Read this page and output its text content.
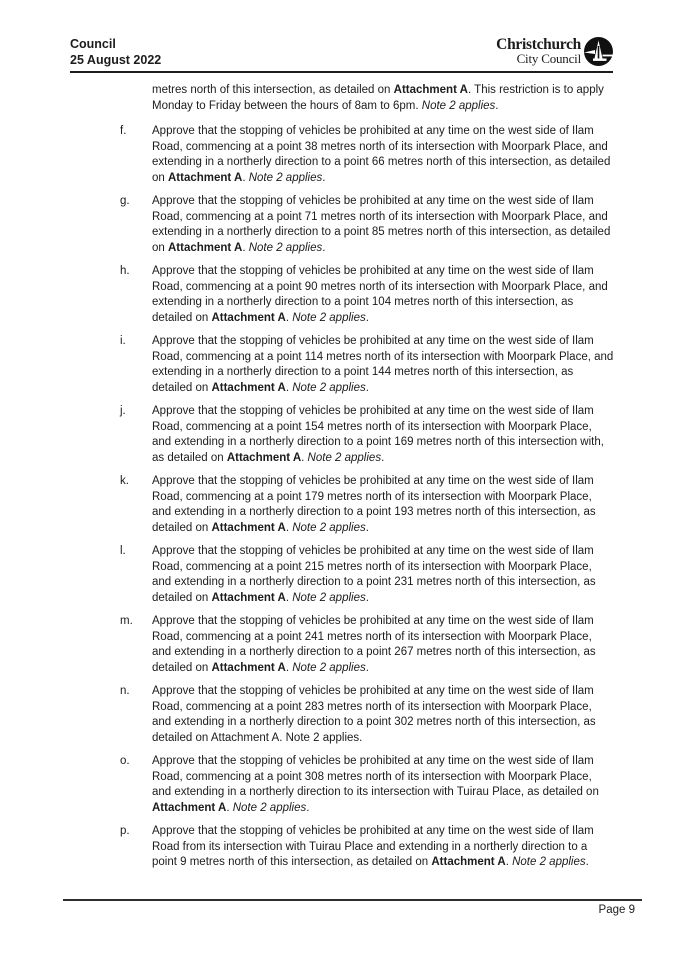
Council
25 August 2022
Christchurch
City Council

metres north of this intersection, as detailed on Attachment A. This restriction is to apply Monday to Friday between the hours of 8am to 6pm. Note 2 applies.

f.	Approve that the stopping of vehicles be prohibited at any time on the west side of Ilam Road, commencing at a point 38 metres north of its intersection with Moorpark Place, and extending in a northerly direction to a point 66 metres north of this intersection, as detailed on Attachment A. Note 2 applies.
g.	Approve that the stopping of vehicles be prohibited at any time on the west side of Ilam Road, commencing at a point 71 metres north of its intersection with Moorpark Place, and extending in a northerly direction to a point 85 metres north of this intersection, as detailed on Attachment A. Note 2 applies.
h.	Approve that the stopping of vehicles be prohibited at any time on the west side of Ilam Road, commencing at a point 90 metres north of its intersection with Moorpark Place, and extending in a northerly direction to a point 104 metres north of this intersection, as detailed on Attachment A. Note 2 applies.
i.	Approve that the stopping of vehicles be prohibited at any time on the west side of Ilam Road, commencing at a point 114 metres north of its intersection with Moorpark Place, and extending in a northerly direction to a point 144 metres north of this intersection, as detailed on Attachment A. Note 2 applies.
j.	Approve that the stopping of vehicles be prohibited at any time on the west side of Ilam Road, commencing at a point 154 metres north of its intersection with Moorpark Place, and extending in a northerly direction to a point 169 metres north of this intersection with, as detailed on Attachment A. Note 2 applies.
k.	Approve that the stopping of vehicles be prohibited at any time on the west side of Ilam Road, commencing at a point 179 metres north of its intersection with Moorpark Place, and extending in a northerly direction to a point 193 metres north of this intersection, as detailed on Attachment A. Note 2 applies.
l.	Approve that the stopping of vehicles be prohibited at any time on the west side of Ilam Road, commencing at a point 215 metres north of its intersection with Moorpark Place, and extending in a northerly direction to a point 231 metres north of this intersection, as detailed on Attachment A. Note 2 applies.
m.	Approve that the stopping of vehicles be prohibited at any time on the west side of Ilam Road, commencing at a point 241 metres north of its intersection with Moorpark Place, and extending in a northerly direction to a point 267 metres north of this intersection, as detailed on Attachment A. Note 2 applies.
n.	Approve that the stopping of vehicles be prohibited at any time on the west side of Ilam Road, commencing at a point 283 metres north of its intersection with Moorpark Place, and extending in a northerly direction to a point 302 metres north of this intersection, as detailed on Attachment A. Note 2 applies.
o.	Approve that the stopping of vehicles be prohibited at any time on the west side of Ilam Road, commencing at a point 308 metres north of its intersection with Moorpark Place, and extending in a northerly direction to its intersection with Tuirau Place, as detailed on Attachment A. Note 2 applies.
p.	Approve that the stopping of vehicles be prohibited at any time on the west side of Ilam Road from its intersection with Tuirau Place and extending in a northerly direction to a point 9 metres north of this intersection, as detailed on Attachment A. Note 2 applies.
Page 9
